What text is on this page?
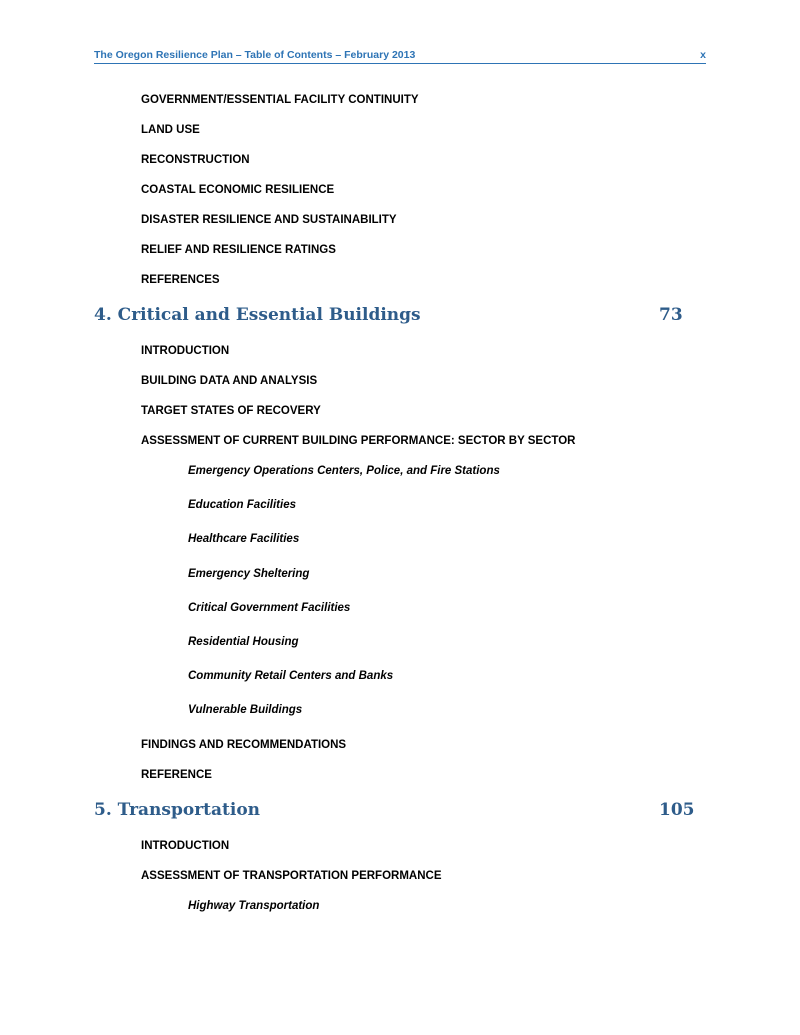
The Oregon Resilience Plan – Table of Contents – February 2013	x
GOVERNMENT/ESSENTIAL FACILITY CONTINUITY
LAND USE
RECONSTRUCTION
COASTAL ECONOMIC RESILIENCE
DISASTER RESILIENCE AND SUSTAINABILITY
RELIEF AND RESILIENCE RATINGS
REFERENCES
4. Critical and Essential Buildings	73
INTRODUCTION
BUILDING DATA AND ANALYSIS
TARGET STATES OF RECOVERY
ASSESSMENT OF CURRENT BUILDING PERFORMANCE: SECTOR BY SECTOR
Emergency Operations Centers, Police, and Fire Stations
Education Facilities
Healthcare Facilities
Emergency Sheltering
Critical Government Facilities
Residential Housing
Community Retail Centers and Banks
Vulnerable Buildings
FINDINGS AND RECOMMENDATIONS
REFERENCE
5. Transportation	105
INTRODUCTION
ASSESSMENT OF TRANSPORTATION PERFORMANCE
Highway Transportation
